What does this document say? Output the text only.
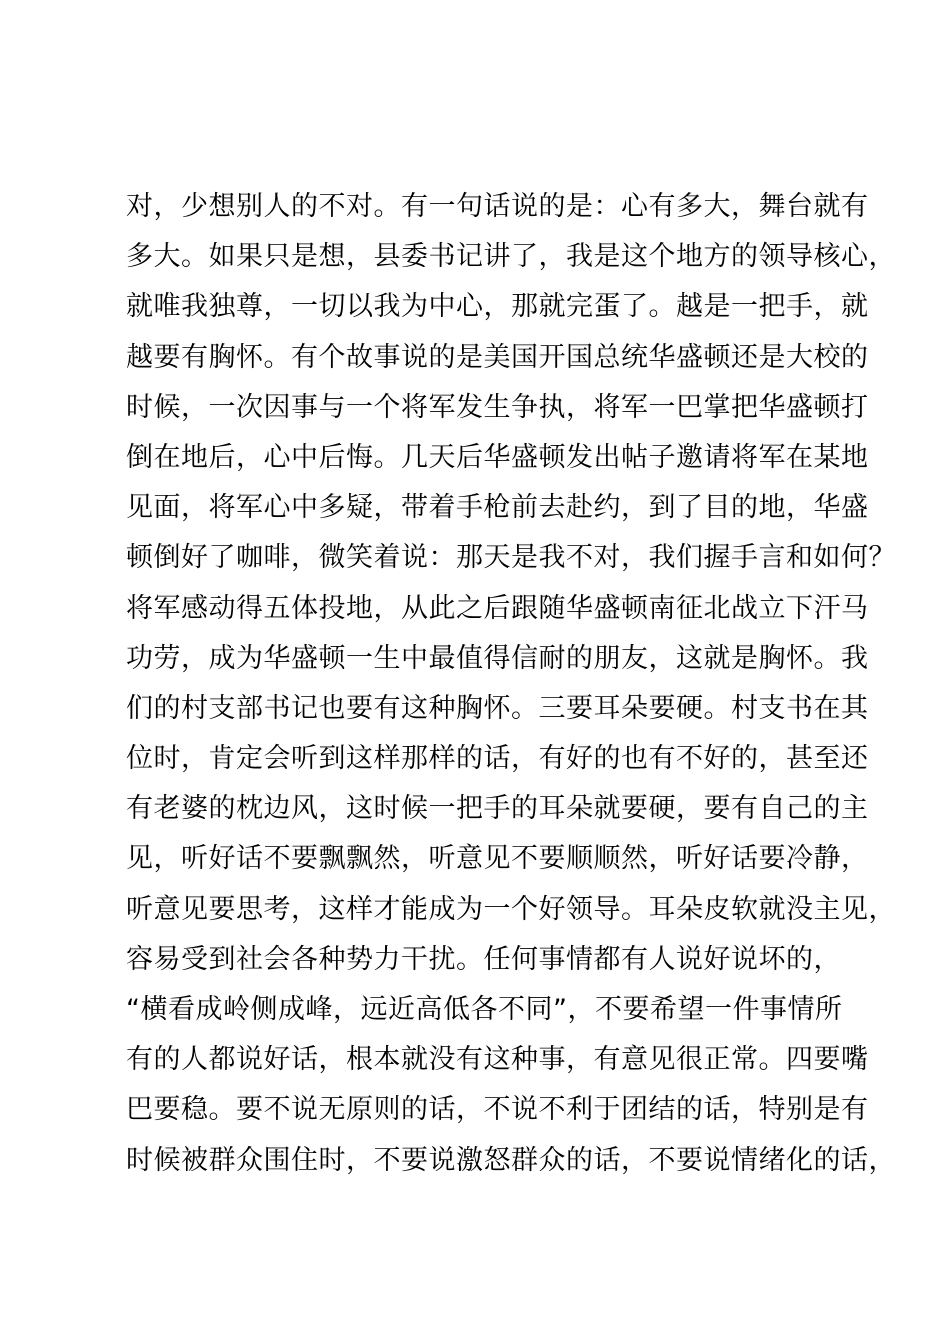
对，少想别人的不对。有一句话说的是：心有多大，舞台就有
多大。如果只是想，县委书记讲了，我是这个地方的领导核心，
就唯我独尊，一切以我为中心，那就完蛋了。越是一把手，就
越要有胸怀。有个故事说的是美国开国总统华盛顿还是大校的
时候，一次因事与一个将军发生争执，将军一巴掌把华盛顿打
倒在地后，心中后悔。几天后华盛顿发出帖子邀请将军在某地
见面，将军心中多疑，带着手枪前去赴约，到了目的地，华盛
顿倒好了咖啡，微笑着说：那天是我不对，我们握手言和如何？
将军感动得五体投地，从此之后跟随华盛顿南征北战立下汗马
功劳，成为华盛顿一生中最值得信耐的朋友，这就是胸怀。我
们的村支部书记也要有这种胸怀。三要耳朵要硬。村支书在其
位时，肯定会听到这样那样的话，有好的也有不好的，甚至还
有老婆的枕边风，这时候一把手的耳朵就要硬，要有自己的主
见，听好话不要飘飘然，听意见不要顺顺然，听好话要冷静，
听意见要思考，这样才能成为一个好领导。耳朵皮软就没主见，
容易受到社会各种势力干扰。任何事情都有人说好说坏的，
“横看成岭侧成峰，远近高低各不同”，不要希望一件事情所
有的人都说好话，根本就没有这种事，有意见很正常。四要嘴
巴要稳。要不说无原则的话，不说不利于团结的话，特别是有
时候被群众围住时，不要说激怒群众的话，不要说情绪化的话，
